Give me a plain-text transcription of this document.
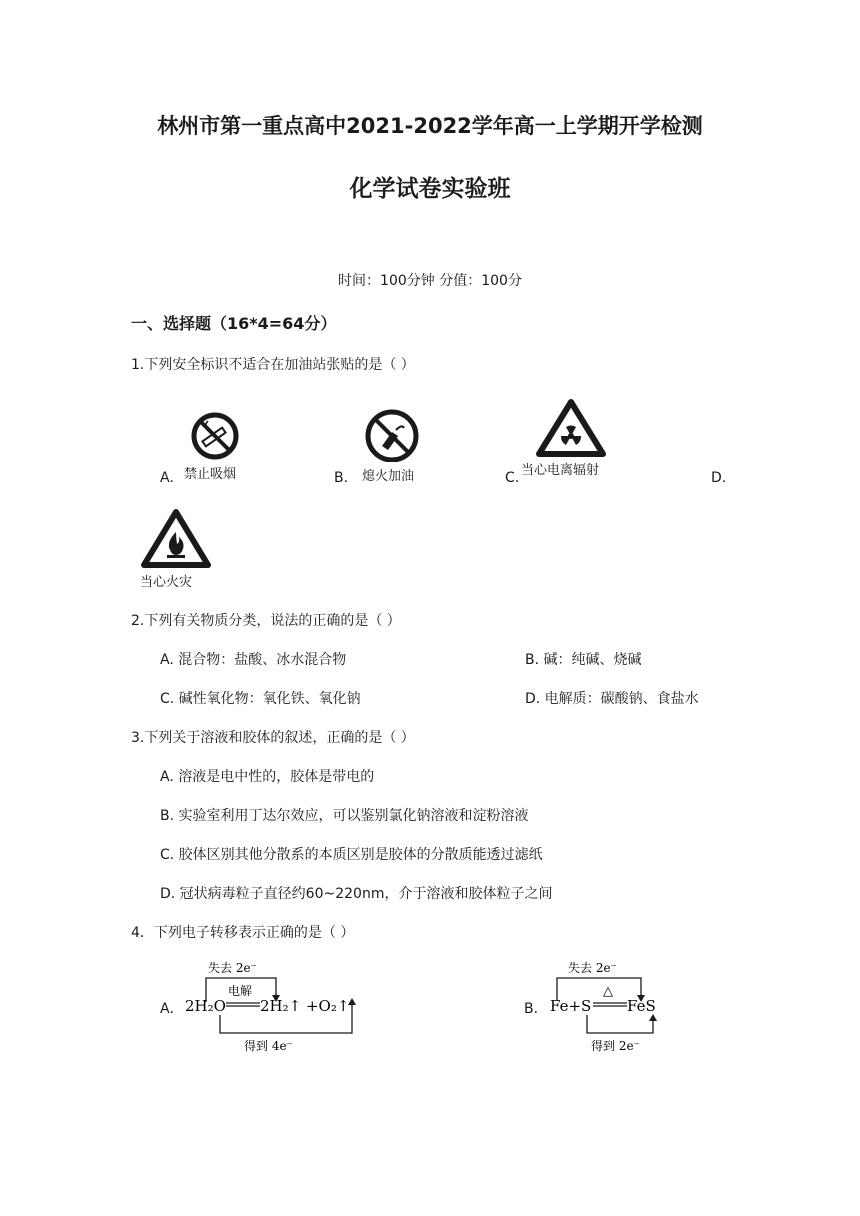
林州市第一重点高中2021-2022学年高一上学期开学检测
化学试卷实验班
时间：100分钟 分值：100分
一、选择题（16*4=64分）
1.下列安全标识不适合在加油站张贴的是（ ）
A. 禁止吸烟	B. 熄火加油	C. 当心电离辐射	D.
当心火灾
2.下列有关物质分类，说法的正确的是（ ）
A. 混合物：盐酸、冰水混合物	B. 碱：纯碱、烧碱
C. 碱性氧化物：氧化铁、氧化钠	D. 电解质：碳酸钠、食盐水
3.下列关于溶液和胶体的叙述，正确的是（ ）
A. 溶液是电中性的，胶体是带电的
B. 实验室利用丁达尔效应，可以鉴别氯化钠溶液和淀粉溶液
C. 胶体区别其他分散系的本质区别是胶体的分散质能透过滤纸
D. 冠状病毒粒子直径约60~220nm，介于溶液和胶体粒子之间
4．下列电子转移表示正确的是（ ）
A．
失去 2e⁻
电解
2H₂O 2H₂↑ +O₂↑
得到 4e⁻
B．
失去 2e⁻
△
Fe+S FeS
得到 2e⁻
